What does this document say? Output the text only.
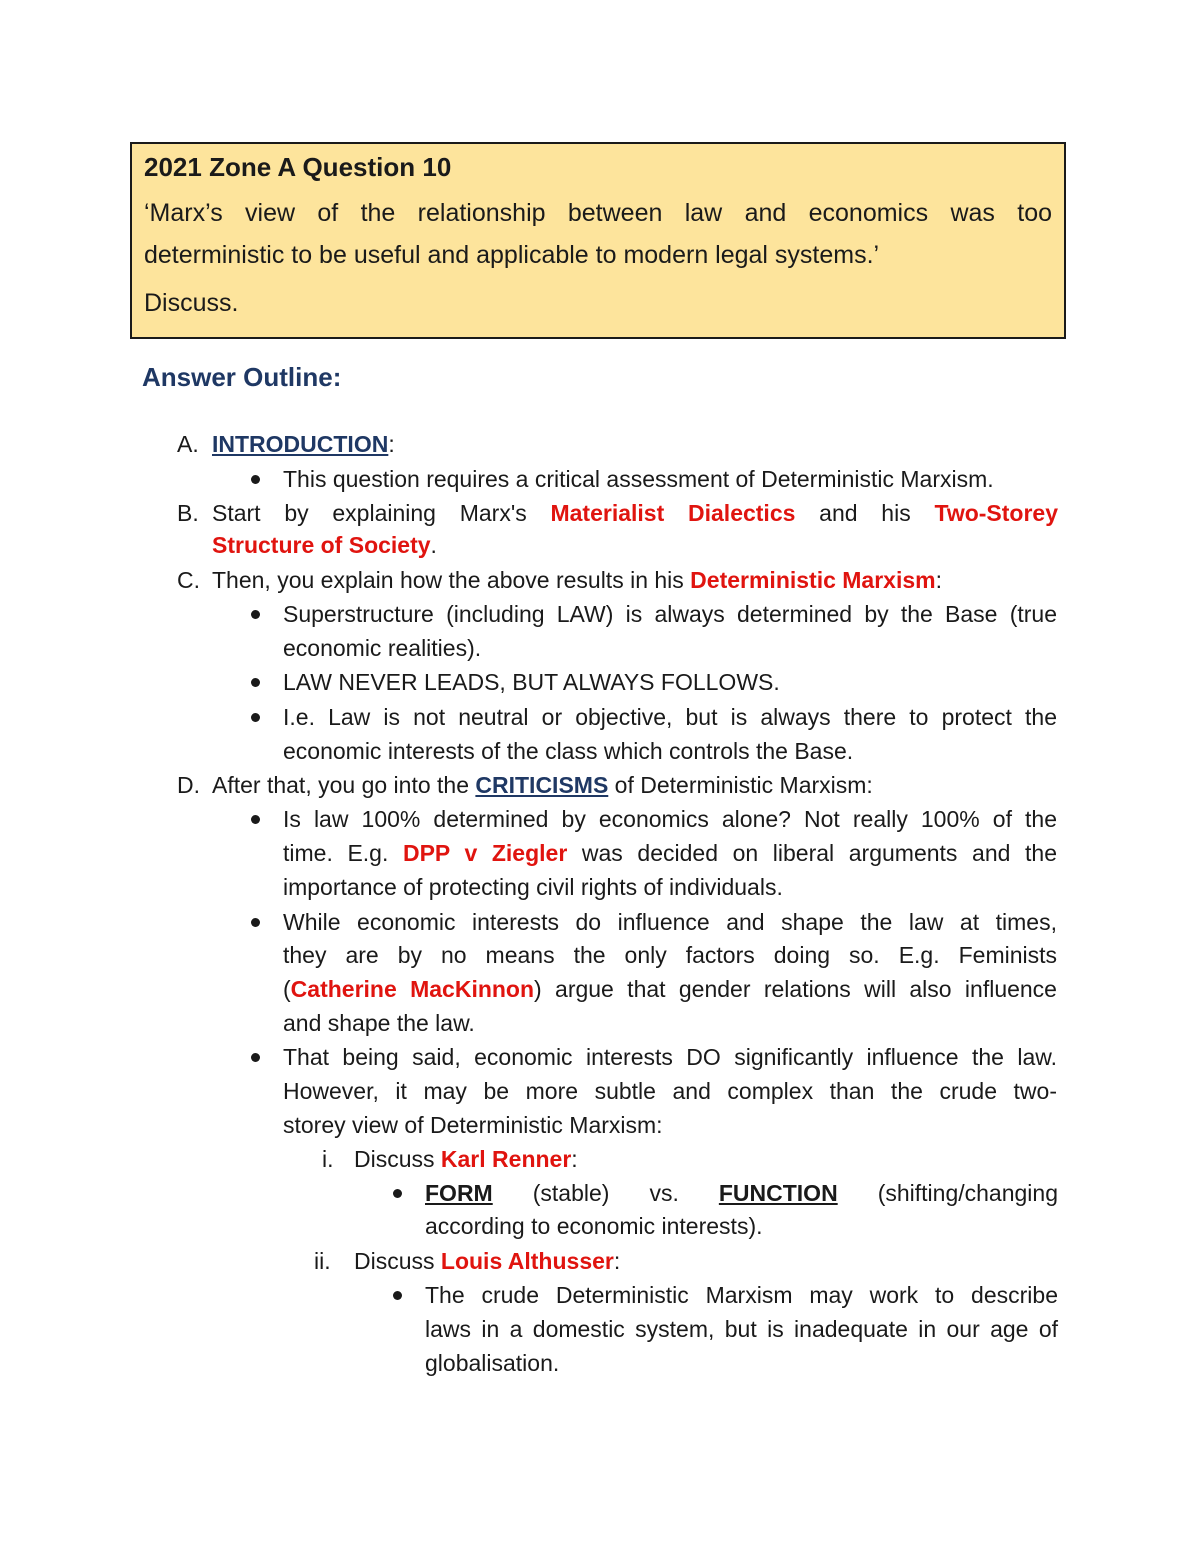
2021 Zone A Question 10

‘Marx’s view of the relationship between law and economics was too
deterministic to be useful and applicable to modern legal systems.’

Discuss.

Answer Outline:

A. INTRODUCTION:
This question requires a critical assessment of Deterministic Marxism.
B. Start by explaining Marx's Materialist Dialectics and his Two-Storey
Structure of Society.
C. Then, you explain how the above results in his Deterministic Marxism:
Superstructure (including LAW) is always determined by the Base (true
economic realities).
LAW NEVER LEADS, BUT ALWAYS FOLLOWS.
I.e. Law is not neutral or objective, but is always there to protect the
economic interests of the class which controls the Base.
D. After that, you go into the CRITICISMS of Deterministic Marxism:
Is law 100% determined by economics alone? Not really 100% of the
time. E.g. DPP v Ziegler was decided on liberal arguments and the
importance of protecting civil rights of individuals.
While economic interests do influence and shape the law at times,
they are by no means the only factors doing so. E.g. Feminists
(Catherine MacKinnon) argue that gender relations will also influence
and shape the law.
That being said, economic interests DO significantly influence the law.
However, it may be more subtle and complex than the crude two-
storey view of Deterministic Marxism:
i. Discuss Karl Renner:
FORM (stable) vs. FUNCTION (shifting/changing
according to economic interests).
ii. Discuss Louis Althusser:
The crude Deterministic Marxism may work to describe
laws in a domestic system, but is inadequate in our age of
globalisation.
